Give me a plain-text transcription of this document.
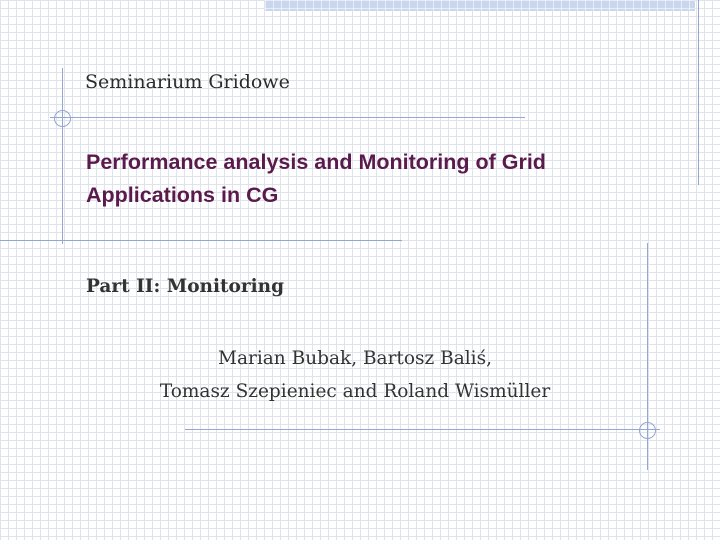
Seminarium Gridowe
Performance analysis and Monitoring of Grid
Applications in CG
Part II: Monitoring
Marian Bubak, Bartosz Baliś,
Tomasz Szepieniec and Roland Wismüller
